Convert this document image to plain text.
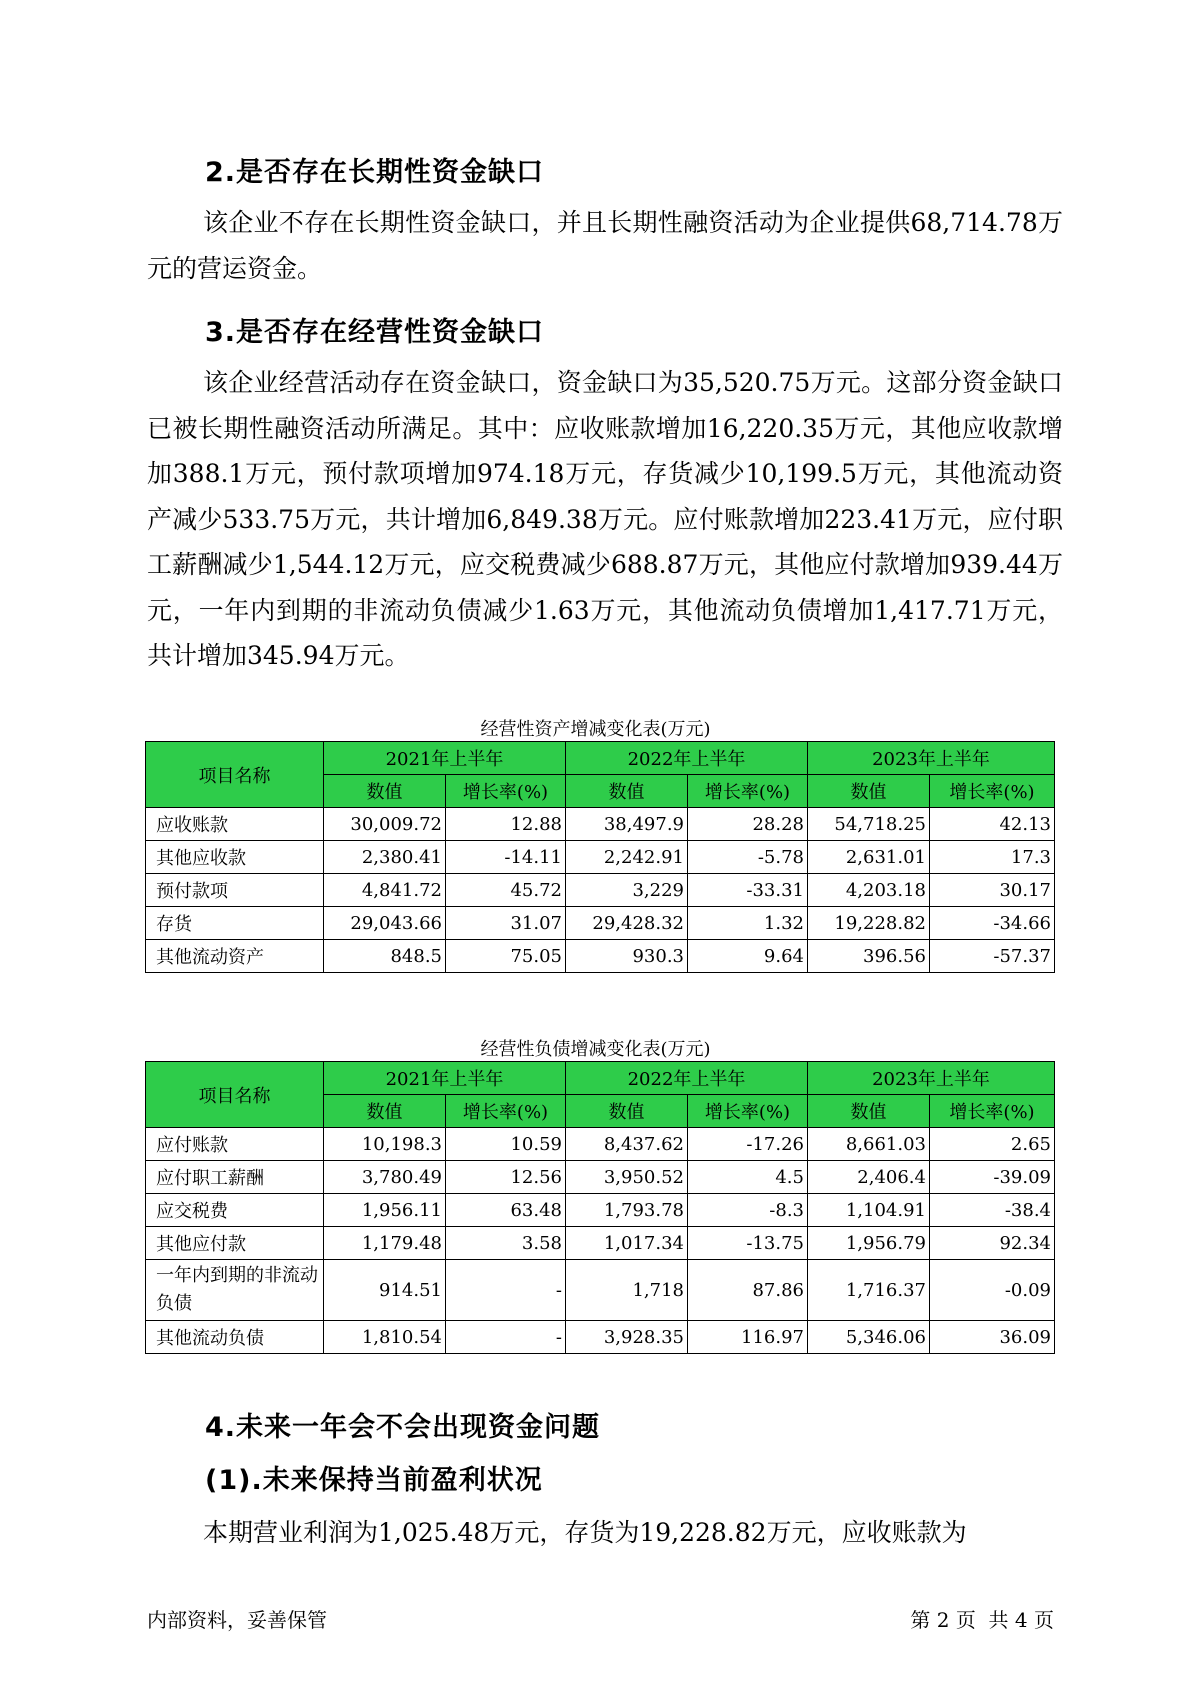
2.是否存在长期性资金缺口

该企业不存在长期性资金缺口，并且长期性融资活动为企业提供68,714.78万元的营运资金。

3.是否存在经营性资金缺口

该企业经营活动存在资金缺口，资金缺口为35,520.75万元。这部分资金缺口已被长期性融资活动所满足。其中：应收账款增加16,220.35万元，其他应收款增加388.1万元，预付款项增加974.18万元，存货减少10,199.5万元，其他流动资产减少533.75万元，共计增加6,849.38万元。应付账款增加223.41万元，应付职工薪酬减少1,544.12万元，应交税费减少688.87万元，其他应付款增加939.44万元，一年内到期的非流动负债减少1.63万元，其他流动负债增加1,417.71万元，共计增加345.94万元。

经营性资产增减变化表(万元)
项目名称	2021年上半年		2022年上半年		2023年上半年	
	数值	增长率(%)	数值	增长率(%)	数值	增长率(%)
应收账款	30,009.72	12.88	38,497.9	28.28	54,718.25	42.13
其他应收款	2,380.41	-14.11	2,242.91	-5.78	2,631.01	17.3
预付款项	4,841.72	45.72	3,229	-33.31	4,203.18	30.17
存货	29,043.66	31.07	29,428.32	1.32	19,228.82	-34.66
其他流动资产	848.5	75.05	930.3	9.64	396.56	-57.37
经营性负债增减变化表(万元)
项目名称	2021年上半年		2022年上半年		2023年上半年	
	数值	增长率(%)	数值	增长率(%)	数值	增长率(%)
应付账款	10,198.3	10.59	8,437.62	-17.26	8,661.03	2.65
应付职工薪酬	3,780.49	12.56	3,950.52	4.5	2,406.4	-39.09
应交税费	1,956.11	63.48	1,793.78	-8.3	1,104.91	-38.4
其他应付款	1,179.48	3.58	1,017.34	-13.75	1,956.79	92.34
一年内到期的非流动负债	914.51	-	1,718	87.86	1,716.37	-0.09
其他流动负债	1,810.54	-	3,928.35	116.97	5,346.06	36.09
4.未来一年会不会出现资金问题
(1).未来保持当前盈利状况

本期营业利润为1,025.48万元，存货为19,228.82万元，应收账款为

内部资料，妥善保管	第 2 页  共 4 页
